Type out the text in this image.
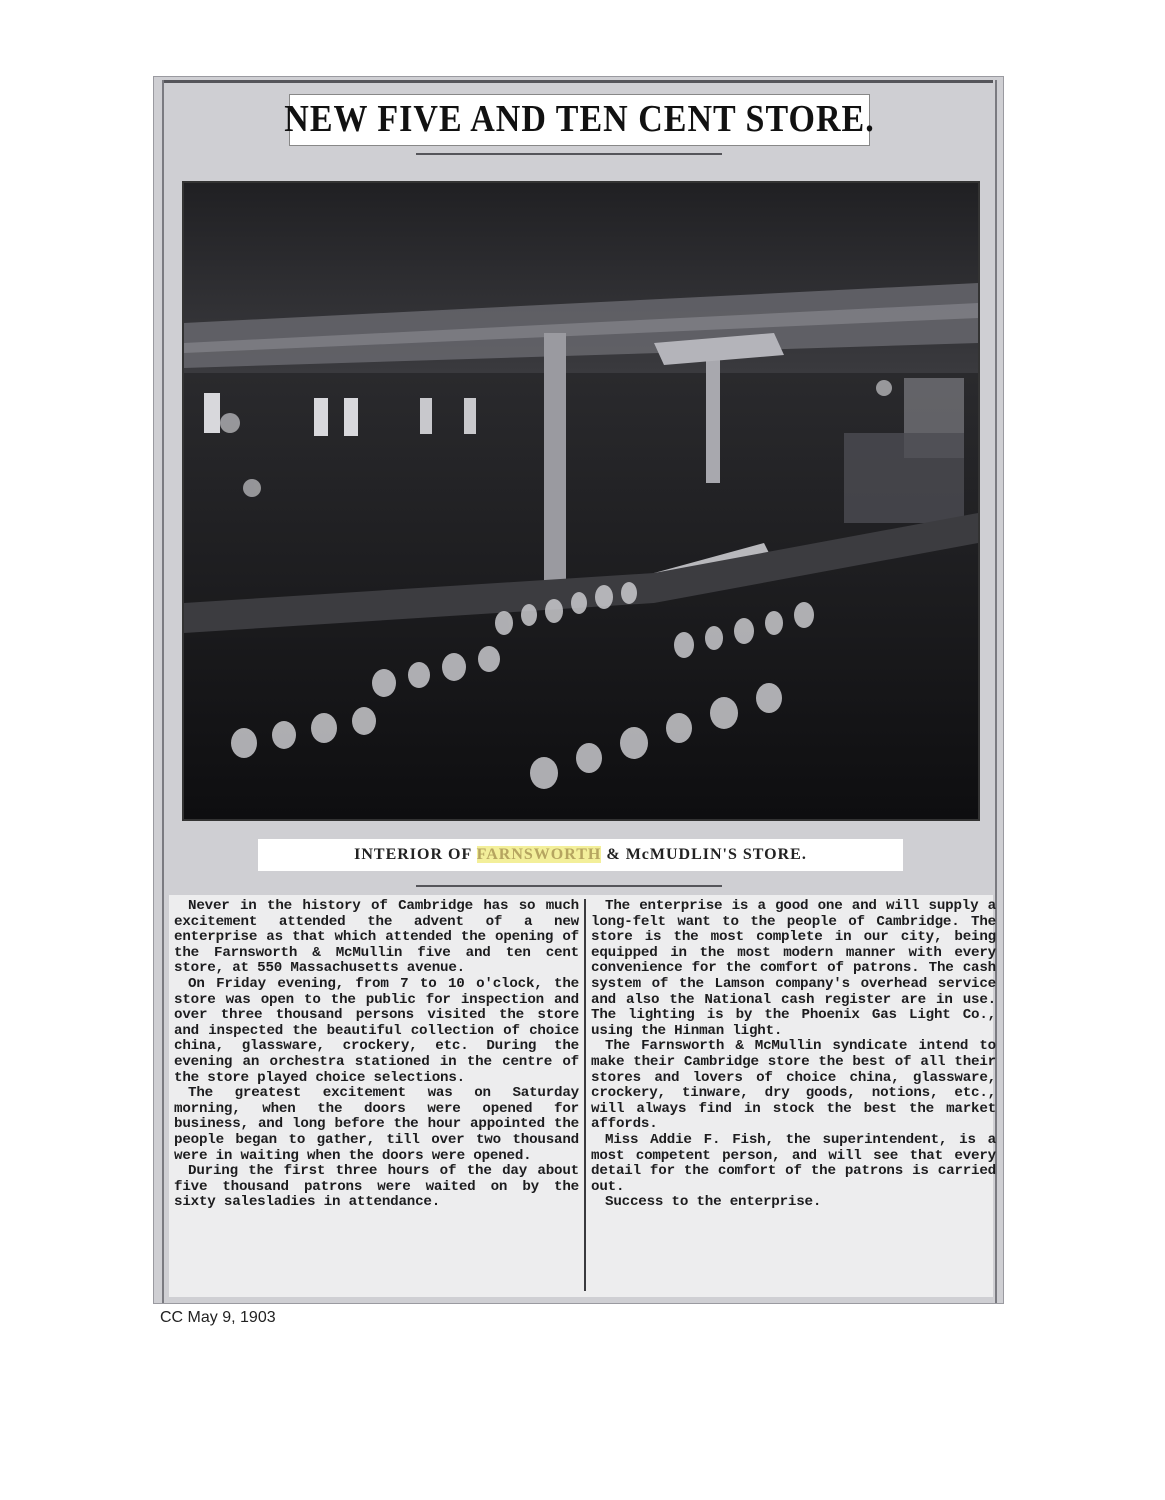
NEW FIVE AND TEN CENT STORE.
INTERIOR OF FARNSWORTH & McMUDLIN'S STORE.

Never in the history of Cambridge has so much excitement attended the advent of a new enterprise as that which attended the opening of the Farnsworth & McMullin five and ten cent store, at 550 Massachusetts avenue.

On Friday evening, from 7 to 10 o'clock, the store was open to the public for inspection and over three thousand persons visited the store and inspected the beautiful collection of choice china, glassware, crockery, etc. During the evening an orchestra stationed in the centre of the store played choice selections.

The greatest excitement was on Saturday morning, when the doors were opened for business, and long before the hour appointed the people began to gather, till over two thousand were in waiting when the doors were opened.

During the first three hours of the day about five thousand patrons were waited on by the sixty salesladies in attendance.

The enterprise is a good one and will supply a long-felt want to the people of Cambridge. The store is the most complete in our city, being equipped in the most modern manner with every convenience for the comfort of patrons. The cash system of the Lamson company's overhead service and also the National cash register are in use. The lighting is by the Phoenix Gas Light Co., using the Hinman light.

The Farnsworth & McMullin syndicate intend to make their Cambridge store the best of all their stores and lovers of choice china, glassware, crockery, tinware, dry goods, notions, etc., will always find in stock the best the market affords.

Miss Addie F. Fish, the superintendent, is a most competent person, and will see that every detail for the comfort of the patrons is carried out.

Success to the enterprise.

CC May 9, 1903
